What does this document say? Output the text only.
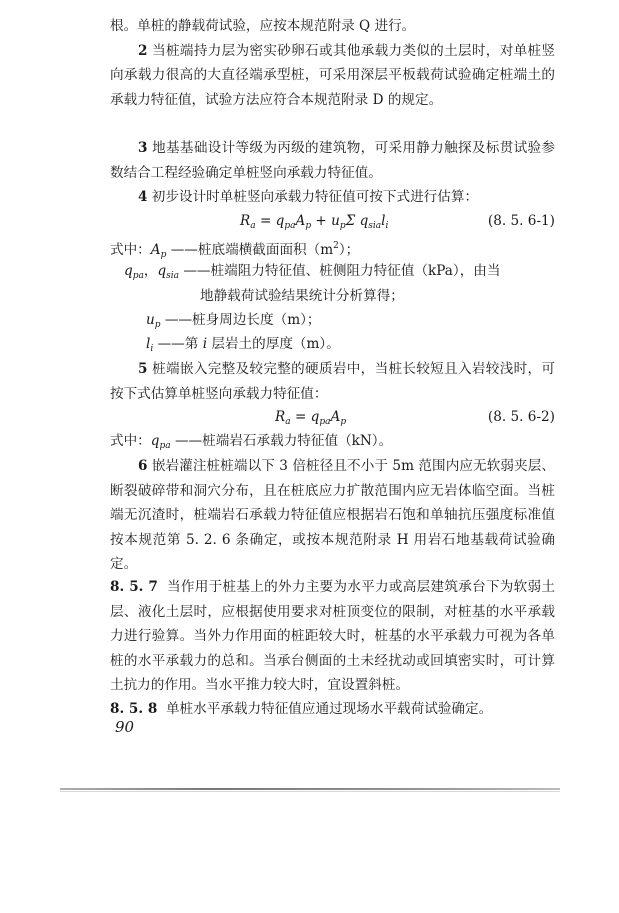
根。单桩的静载荷试验，应按本规范附录 Q 进行。

2 当桩端持力层为密实砂卵石或其他承载力类似的土层时，对单桩竖向承载力很高的大直径端承型桩，可采用深层平板载荷试验确定桩端土的承载力特征值，试验方法应符合本规范附录 D 的规定。

3 地基基础设计等级为丙级的建筑物，可采用静力触探及标贯试验参数结合工程经验确定单桩竖向承载力特征值。

4 初步设计时单桩竖向承载力特征值可按下式进行估算：

$R_a = q_{pa}A_p + u_p\Sigma$ $q_{sia}l_i$	(8. 5. 6-1)
式中：$A_p$ ——桩底端横截面面积$(m^2)$；
$q_{pa}$，$q_{sia}$ ——桩端阻力特征值、桩侧阻力特征值（kPa），由当
地静载荷试验结果统计分析算得；
$u_p$ ——桩身周边长度（m）；
$l_i$ ——第 i 层岩土的厚度（m）。

5 桩端嵌入完整及较完整的硬质岩中，当桩长较短且入岩较浅时，可按下式估算单桩竖向承载力特征值：

$R_a = q_{pa}A_p$	(8. 5. 6-2)
式中：$q_{pa}$ ——桩端岩石承载力特征值（kN）。

6 嵌岩灌注桩桩端以下 3 倍桩径且不小于 5m 范围内应无软弱夹层、断裂破碎带和洞穴分布，且在桩底应力扩散范围内应无岩体临空面。当桩端无沉渣时，桩端岩石承载力特征值应根据岩石饱和单轴抗压强度标准值按本规范第 5. 2. 6 条确定，或按本规范附录 H 用岩石地基载荷试验确定。

8. 5. 7 当作用于桩基上的外力主要为水平力或高层建筑承台下为软弱土层、液化土层时，应根据使用要求对桩顶变位的限制，对桩基的水平承载力进行验算。当外力作用面的桩距较大时，桩基的水平承载力可视为各单桩的水平承载力的总和。当承台侧面的土未经扰动或回填密实时，可计算土抗力的作用。当水平推力较大时，宜设置斜桩。

8. 5. 8 单桩水平承载力特征值应通过现场水平载荷试验确定。

90
